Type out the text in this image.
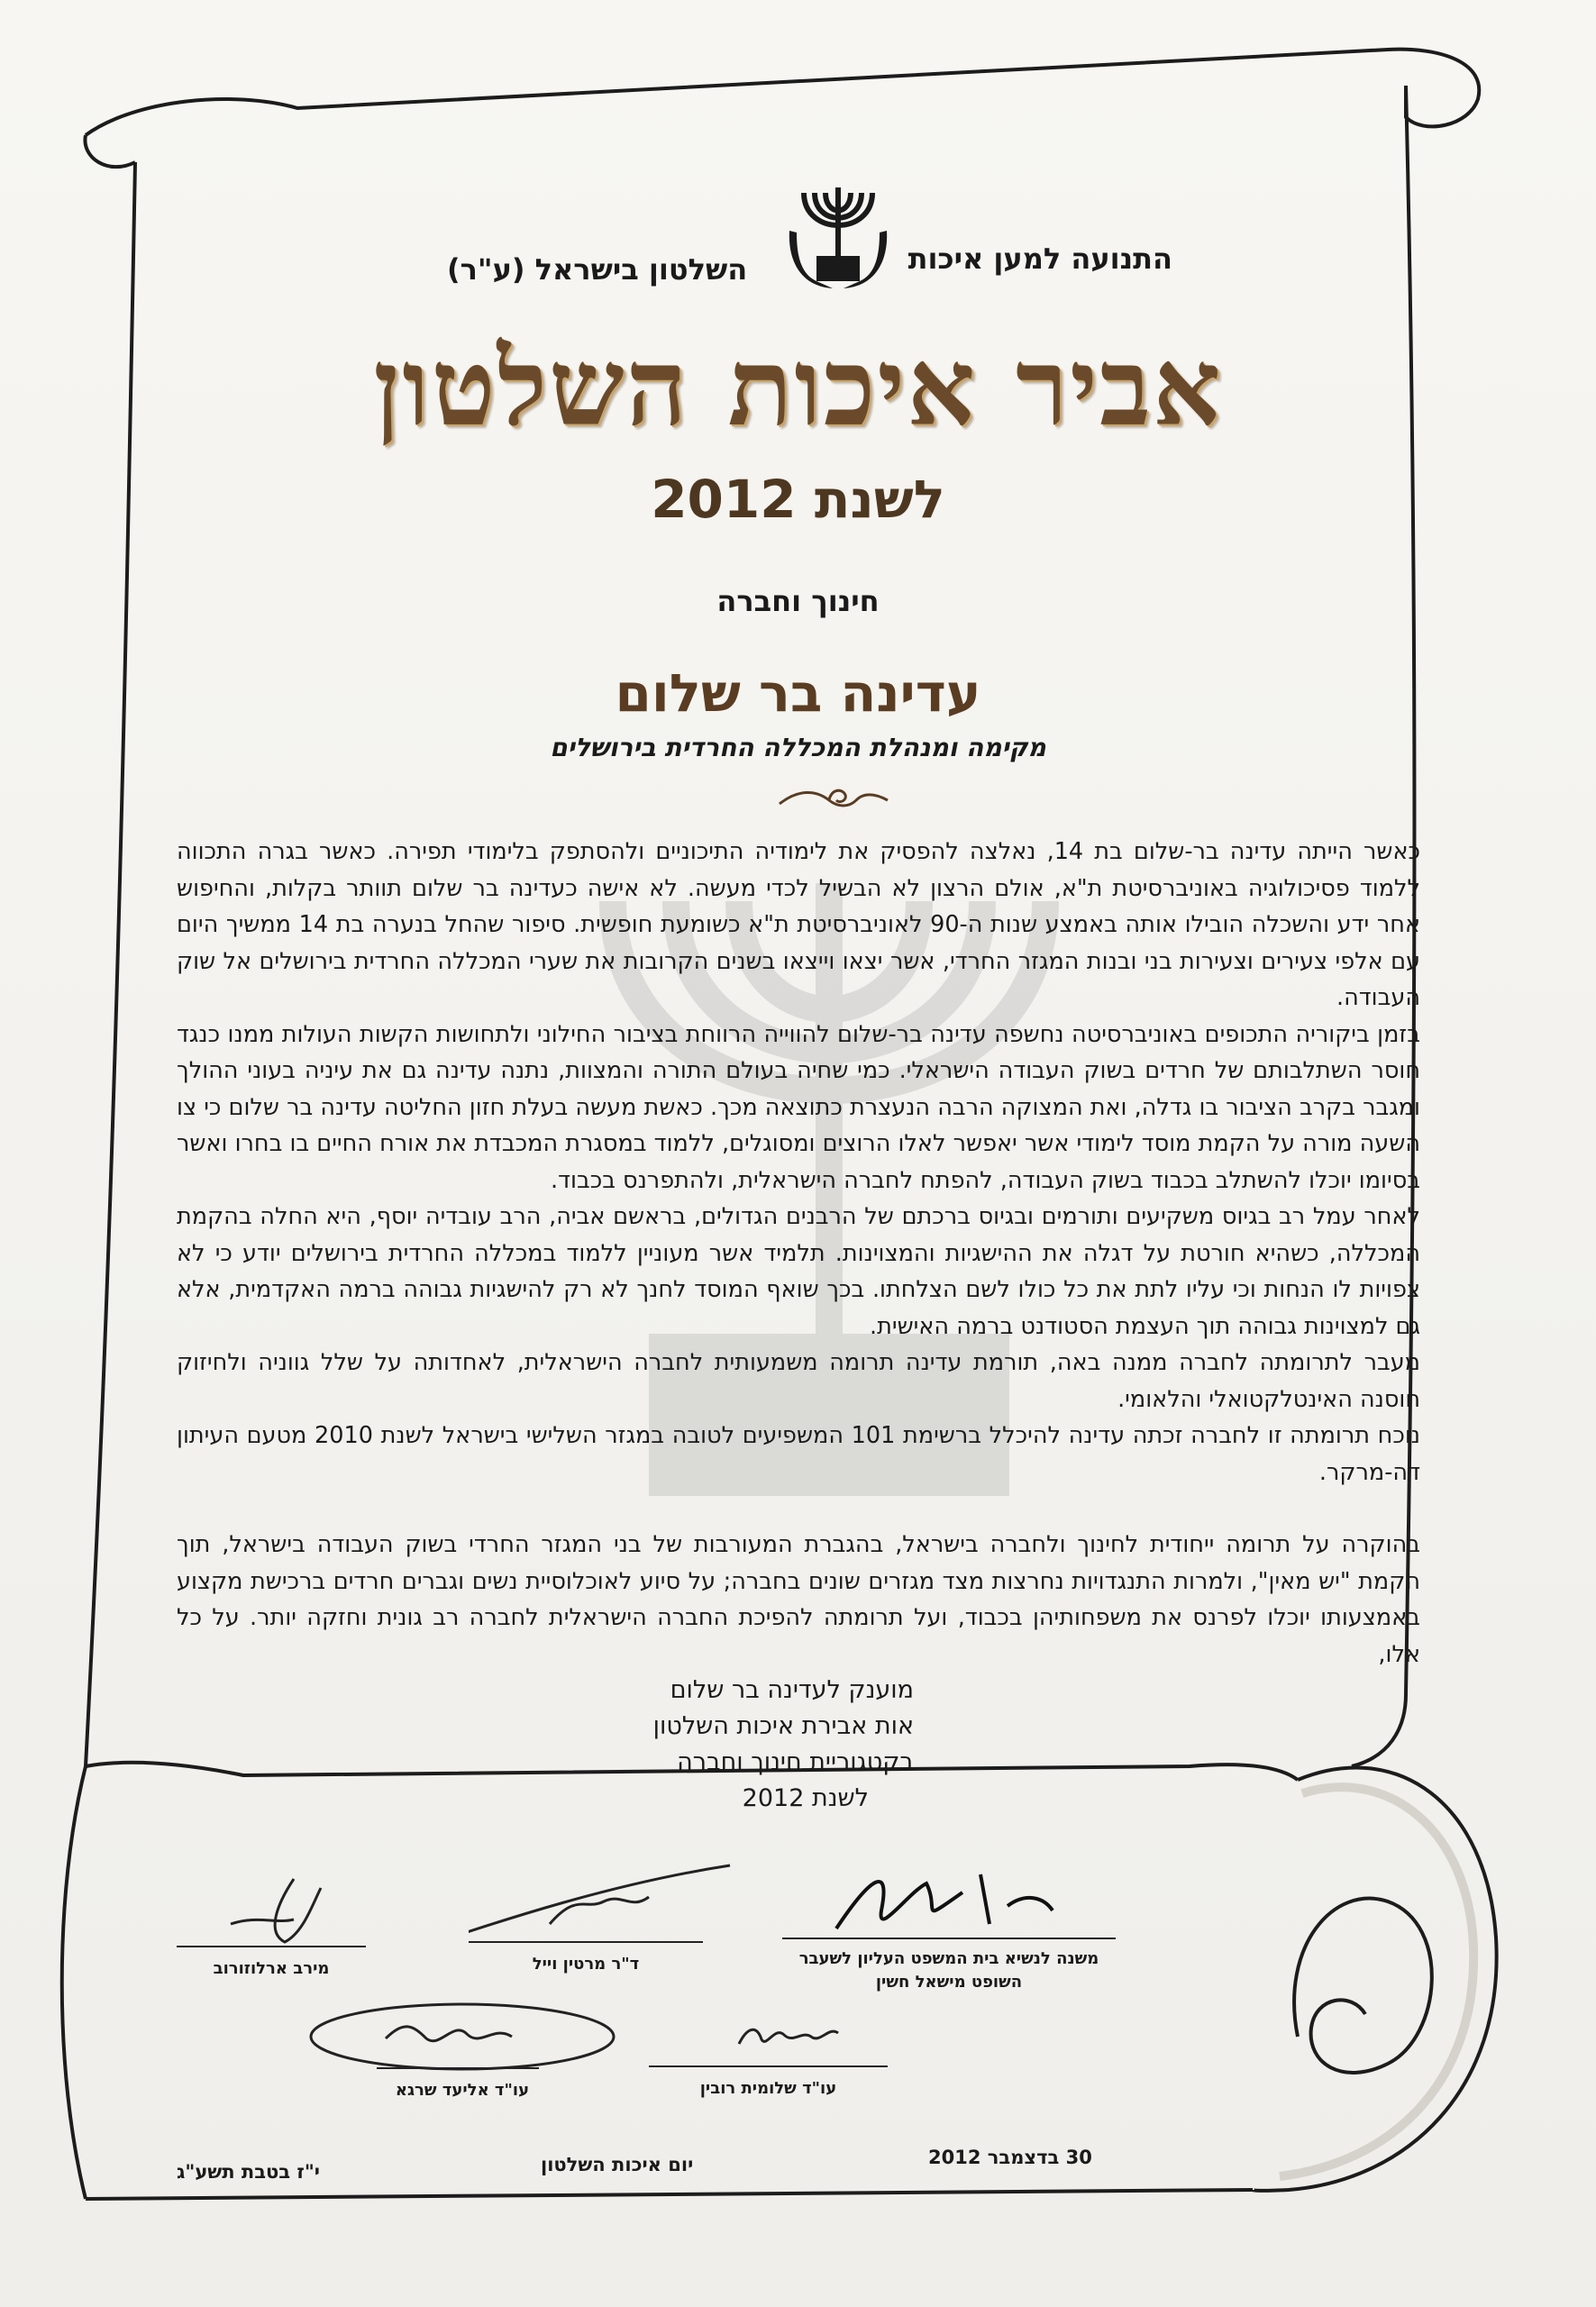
התנועה למען איכות
השלטון בישראל (ע"ר)
אביר איכות השלטון
לשנת 2012
חינוך וחברה
עדינה בר שלום
מקימה ומנהלת המכללה החרדית בירושלים

כאשר הייתה עדינה בר-שלום בת 14, נאלצה להפסיק את לימודיה התיכוניים ולהסתפק בלימודי תפירה. כאשר בגרה התכווה ללמוד פסיכולוגיה באוניברסיטת ת"א, אולם הרצון לא הבשיל לכדי מעשה. לא אישה כעדינה בר שלום תוותר בקלות, והחיפוש אחר ידע והשכלה הובילו אותה באמצע שנות ה-90 לאוניברסיטת ת"א כשומעת חופשית. סיפור שהחל בנערה בת 14 ממשיך היום עם אלפי צעירים וצעירות בני ובנות המגזר החרדי, אשר יצאו וייצאו בשנים הקרובות את שערי המכללה החרדית בירושלים אל שוק העבודה.

בזמן ביקוריה התכופים באוניברסיטה נחשפה עדינה בר-שלום להווייה הרווחת בציבור החילוני ולתחושות הקשות העולות ממנו כנגד חוסר השתלבותם של חרדים בשוק העבודה הישראלי. כמי שחיה בעולם התורה והמצוות, נתנה עדינה גם את עיניה בעוני ההולך ומגבר בקרב הציבור בו גדלה, ואת המצוקה הרבה הנעצרת כתוצאה מכך. כאשת מעשה בעלת חזון החליטה עדינה בר שלום כי צו השעה מורה על הקמת מוסד לימודי אשר יאפשר לאלו הרוצים ומסוגלים, ללמוד במסגרת המכבדת את אורח החיים בו בחרו ואשר בסיומו יוכלו להשתלב בכבוד בשוק העבודה, להפתח לחברה הישראלית, ולהתפרנס בכבוד.

לאחר עמל רב בגיוס משקיעים ותורמים ובגיוס ברכתם של הרבנים הגדולים, בראשם אביה, הרב עובדיה יוסף, היא החלה בהקמת המכללה, כשהיא חורטת על דגלה את ההישגיות והמצוינות. תלמיד אשר מעוניין ללמוד במכללה החרדית בירושלים יודע כי לא צפויות לו הנחות וכי עליו לתת את כל כולו לשם הצלחתו. בכך שואף המוסד לחנך לא רק להישגיות גבוהה ברמה האקדמית, אלא גם למצוינות גבוהה תוך העצמת הסטודנט ברמה האישית.

מעבר לתרומתה לחברה ממנה באה, תורמת עדינה תרומה משמעותית לחברה הישראלית, לאחדותה על שלל גווניה ולחיזוק חוסנה האינטלקטואלי והלאומי.

נוכח תרומתה זו לחברה זכתה עדינה להיכלל ברשימת 101 המשפיעים לטובה במגזר השלישי בישראל לשנת 2010 מטעם העיתון דה-מרקר.

בהוקרה על תרומה ייחודית לחינוך ולחברה בישראל, בהגברת המעורבות של בני המגזר החרדי בשוק העבודה בישראל, תוך הקמת "יש מאין", ולמרות התנגדויות נחרצות מצד מגזרים שונים בחברה; על סיוע לאוכלוסיית נשים וגברים חרדים ברכישת מקצוע באמצעותו יוכלו לפרנס את משפחותיהן בכבוד, ועל תרומתה להפיכת החברה הישראלית לחברה רב גונית וחזקה יותר. על כל אלו,

מוענק לעדינה בר שלום
אות אבירת איכות השלטון
בקטגוריית חינוך וחברה
לשנת 2012
משנה לנשיא בית המשפט העליון לשעבר
השופט מישאל חשין
ד"ר מרטין וייל
מירב ארלוזורוב
עו"ד שלומית רובין
עו"ד אליעד שרגא
30 בדצמבר 2012
יום איכות השלטון
י"ז בטבת תשע"ג
